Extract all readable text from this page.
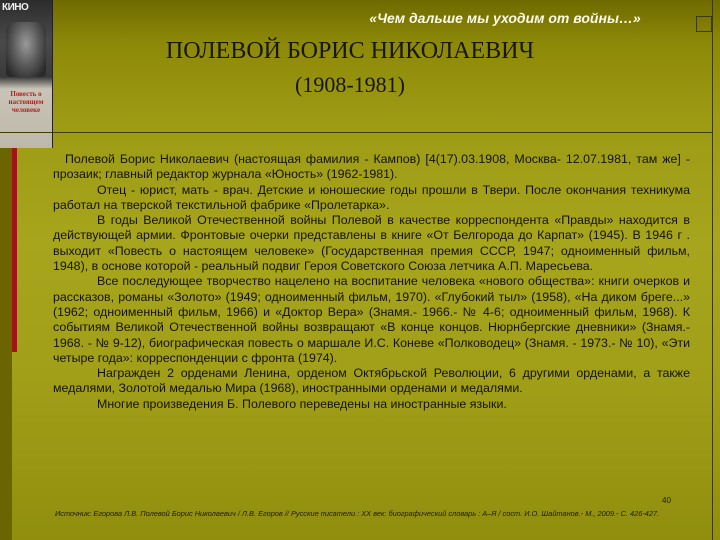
КИНО
Повесть о настоящем человеке
«Чем дальше мы уходим от войны…»
ПОЛЕВОЙ БОРИС НИКОЛАЕВИЧ
(1908-1981)

Полевой Борис Николаевич (настоящая фамилия - Кампов) [4(17).03.1908, Москва- 12.07.1981, там же] - прозаик; главный редактор журнала «Юность» (1962-1981).

Отец - юрист, мать - врач. Детские и юношеские годы прошли в Твери. После окончания техникума работал на тверской текстильной фабрике «Пролетарка».

В годы Великой Отечественной войны Полевой в качестве корреспондента «Правды» находится в действующей армии. Фронтовые очерки представлены в книге «От Белгорода до Карпат» (1945). В 1946 г . выходит «Повесть о настоящем человеке» (Государственная премия СССР, 1947; одноименный фильм, 1948), в основе которой - реальный подвиг Героя Советского Союза летчика А.П. Маресьева.

Все последующее творчество нацелено на воспитание человека «нового общества»: книги очерков и рассказов, романы «Золото» (1949; одноименный фильм, 1970). «Глубокий тыл» (1958), «На диком бреге...» (1962; одноименный фильм, 1966) и «Доктор Вера» (Знамя.- 1966.- № 4-6; одноименный фильм, 1968). К событиям Великой Отечественной войны возвращают «В конце концов. Нюрнбергские дневники» (Знамя.- 1968. - № 9-12), биографическая повесть о маршале И.С. Коневе «Полководец» (Знамя. - 1973.- № 10), «Эти четыре года»: корреспонденции с фронта (1974).

Награжден 2 орденами Ленина, орденом Октябрьской Революции, 6 другими орденами, а также медалями, Золотой медалью Мира (1968), иностранными орденами и медалями.

Многие произведения Б. Полевого переведены на иностранные языки.

40
Источник: Егорова Л.В. Полевой Борис Николаевич / Л.В. Егоров // Русские писатели : XX век: биографический словарь : А–Я / сост. И.О. Шайтанов.- М., 2009.- С. 426-427.
